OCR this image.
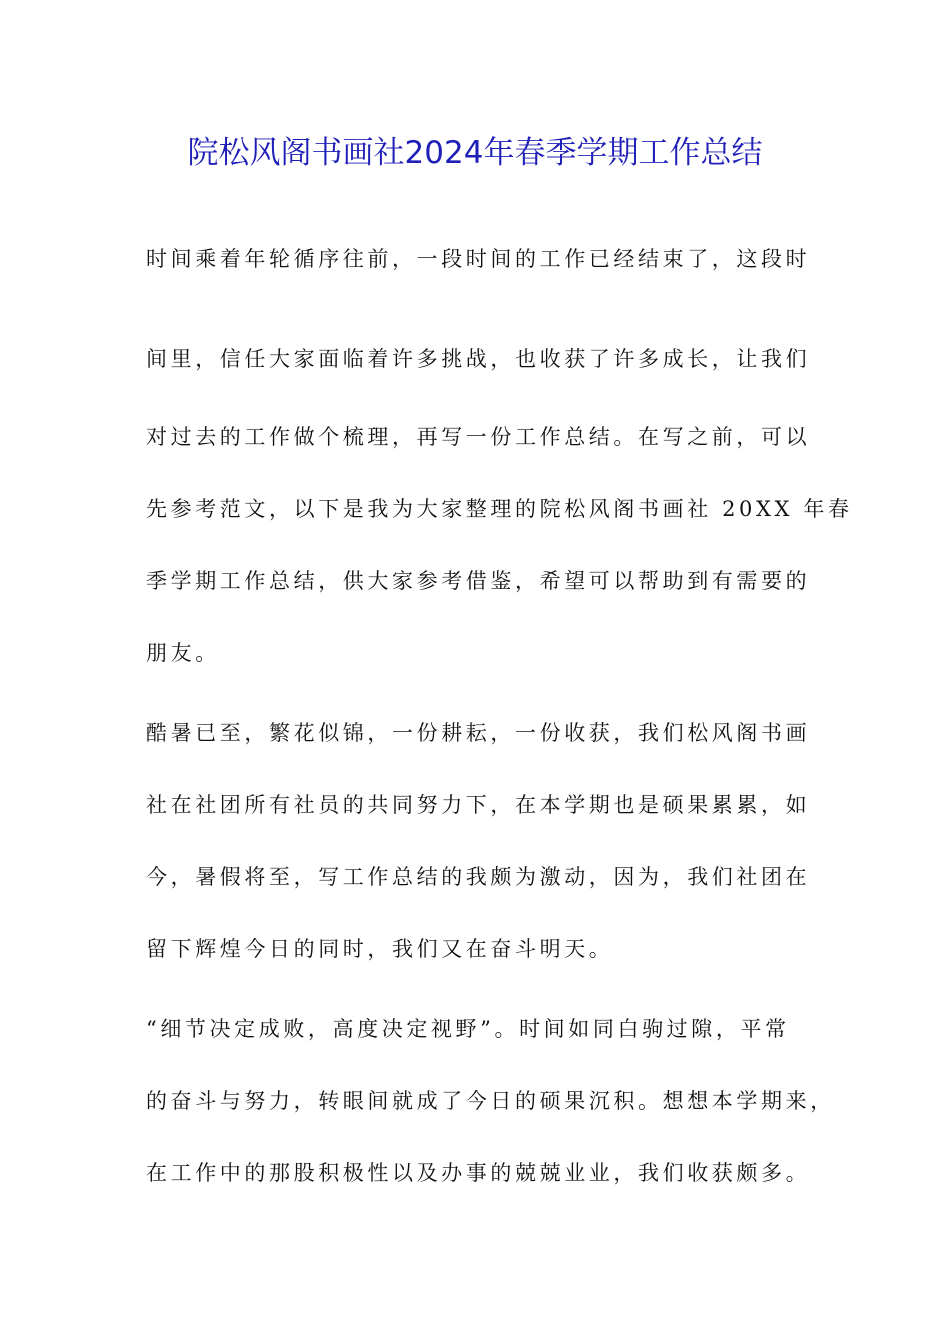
院松风阁书画社2024年春季学期工作总结
时间乘着年轮循序往前，一段时间的工作已经结束了，这段时
间里，信任大家面临着许多挑战，也收获了许多成长，让我们
对过去的工作做个梳理，再写一份工作总结。在写之前，可以
先参考范文，以下是我为大家整理的院松风阁书画社 20XX 年春
季学期工作总结，供大家参考借鉴，希望可以帮助到有需要的
朋友。
酷暑已至，繁花似锦，一份耕耘，一份收获，我们松风阁书画
社在社团所有社员的共同努力下，在本学期也是硕果累累，如
今，暑假将至，写工作总结的我颇为激动，因为，我们社团在
留下辉煌今日的同时，我们又在奋斗明天。
“细节决定成败，高度决定视野”。时间如同白驹过隙，平常
的奋斗与努力，转眼间就成了今日的硕果沉积。想想本学期来，
在工作中的那股积极性以及办事的兢兢业业，我们收获颇多。
